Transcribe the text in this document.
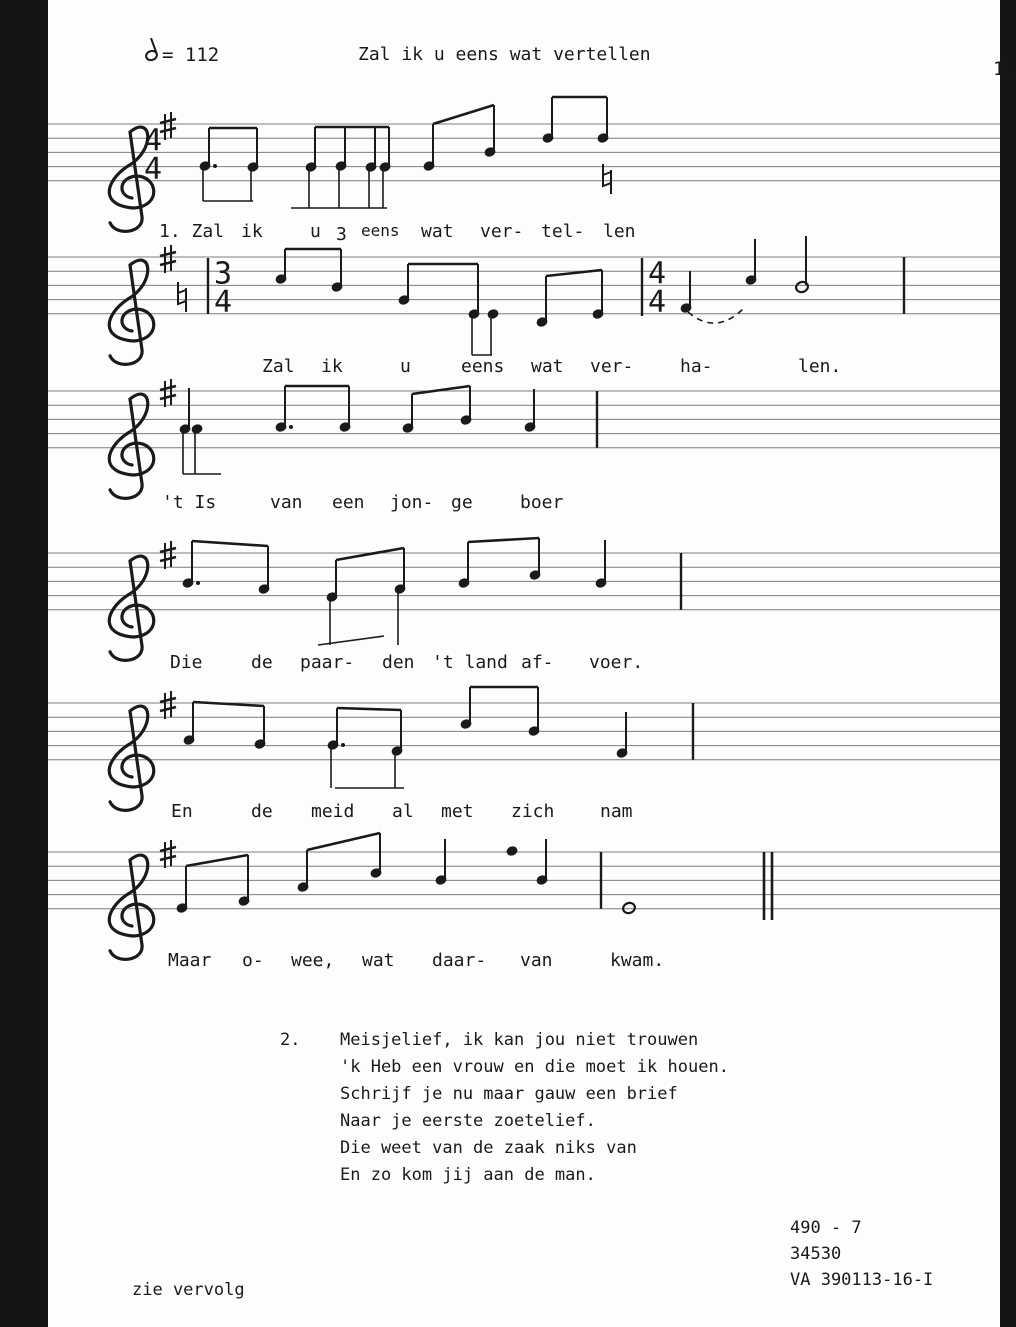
= 112	Zal ik u eens wat vertellen
1.
4
4
3
4
4
4
1. Zal ik	u	eens wat ver- tel- len
3
Zal ik	u	eens wat ver-	ha-	len.
't Is	van een jon- ge	boer
Die	de paar- den 't land af- voer.
En	de meid al met zich	nam
Maar o- wee, wat daar- van	kwam.
2. Meisjelief, ik kan jou niet trouwen
'k Heb een vrouw en die moet ik houen.
Schrijf je nu maar gauw een brief
Naar je eerste zoetelief.
Die weet van de zaak niks van
En zo kom jij aan de man.
490 - 7
34530
VA 390113-16-I
zie vervolg
